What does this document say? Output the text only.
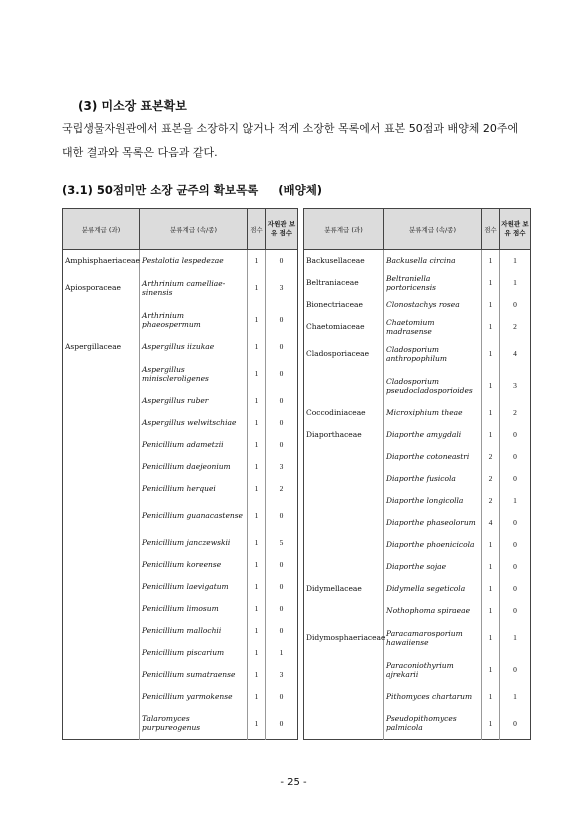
(3) 미소장 표본확보
국립생물자원관에서 표본을 소장하지 않거나 적게 소장한 목록에서 표본 50점과 배양체 20주에 대한 결과와 목록은 다음과 같다.
(3.1) 50점미만 소장 균주의 확보목록     (배양체)
분류계급 (과)	분류계급 (속/종)	점수	자원관 보유 점수
Amphisphaeriaceae	Pestalotia lespedezae	1	0
Apiosporaceae	Arthrinium camelliae-sinensis	1	3
	Arthrinium phaeospermum	1	0
Aspergillaceae	Aspergillus iizukae	1	0
	Aspergillus miniscleroligenes	1	0
	Aspergillus ruber	1	0
	Aspergillus welwitschiae	1	0
	Penicillium adametzii	1	0
	Penicillium daejeonium	1	3
	Penicillium herquei	1	2
	Penicillium guanacastense	1	0
	Penicillium janczewskii	1	5
	Penicillium koreense	1	0
	Penicillium laevigatum	1	0
	Penicillium limosum	1	0
	Penicillium mallochii	1	0
	Penicillium piscarium	1	1
	Penicillium sumatraense	1	3
	Penicillium yarmokense	1	0
	Talaromyces purpureogenus	1	0
분류계급 (과)	분류계급 (속/종)	점수	자원관 보유 점수
Backusellaceae	Backusella circina	1	1
Beltraniaceae	Beltraniella portoricensis	1	1
Bionectriaceae	Clonostachys rosea	1	0
Chaetomiaceae	Chaetomium madrasense	1	2
Cladosporiaceae	Cladosporium anthropophilum	1	4
	Cladosporium pseudocladosporioides	1	3
Coccodiniaceae	Microxiphium theae	1	2
Diaporthaceae	Diaporthe amygdali	1	0
	Diaporthe cotoneastri	2	0
	Diaporthe fusicola	2	0
	Diaporthe longicolla	2	1
	Diaporthe phaseolorum	4	0
	Diaporthe phoenicicola	1	0
	Diaporthe sojae	1	0
Didymellaceae	Didymella segeticola	1	0
	Nothophoma spiraeae	1	0
Didymosphaeriaceae	Paracamarosporium hawaiiense	1	1
	Paraconiothyrium ajrekarii	1	0
	Pithomyces chartarum	1	1
	Pseudopithomyces palmicola	1	0
- 25 -
